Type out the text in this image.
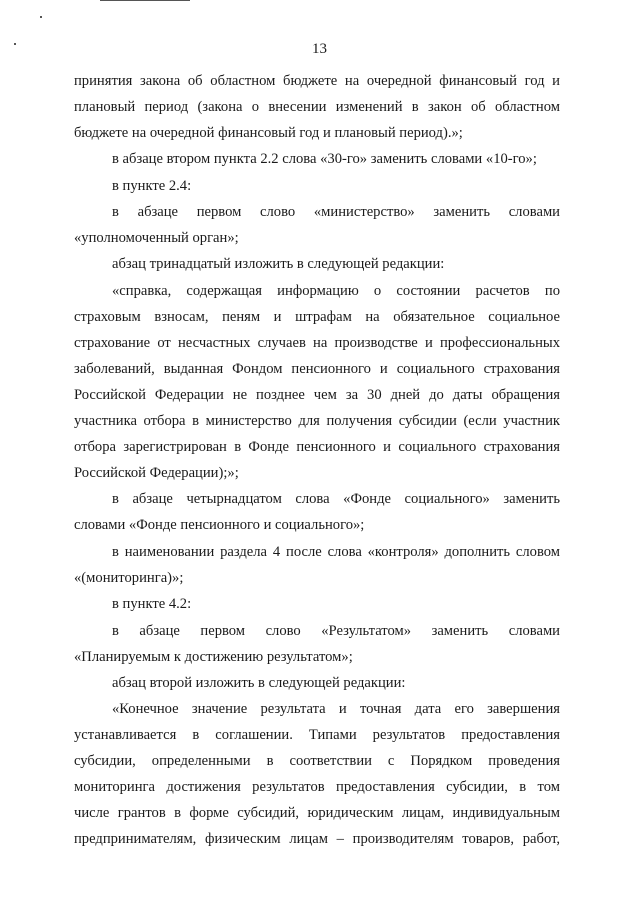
13
принятия закона об областном бюджете на очередной финансовый год и
плановый период (закона о внесении изменений в закон об областном
бюджете на очередной финансовый год и плановый период).»;
в абзаце втором пункта 2.2 слова «30-го» заменить словами «10-го»;
в пункте 2.4:
в абзаце первом слово «министерство» заменить словами
«уполномоченный орган»;
абзац тринадцатый изложить в следующей редакции:
«справка, содержащая информацию о состоянии расчетов по
страховым взносам, пеням и штрафам на обязательное социальное
страхование от несчастных случаев на производстве и профессиональных
заболеваний, выданная Фондом пенсионного и социального страхования
Российской Федерации не позднее чем за 30 дней до даты обращения
участника отбора в министерство для получения субсидии (если участник
отбора зарегистрирован в Фонде пенсионного и социального страхования
Российской Федерации);»;
в абзаце четырнадцатом слова «Фонде социального» заменить
словами «Фонде пенсионного и социального»;
в наименовании раздела 4 после слова «контроля» дополнить словом
«(мониторинга)»;
в пункте 4.2:
в абзаце первом слово «Результатом» заменить словами
«Планируемым к достижению результатом»;
абзац второй изложить в следующей редакции:
«Конечное значение результата и точная дата его завершения
устанавливается в соглашении. Типами результатов предоставления
субсидии, определенными в соответствии с Порядком проведения
мониторинга достижения результатов предоставления субсидии, в том
числе грантов в форме субсидий, юридическим лицам, индивидуальным
предпринимателям, физическим лицам – производителям товаров, работ,
